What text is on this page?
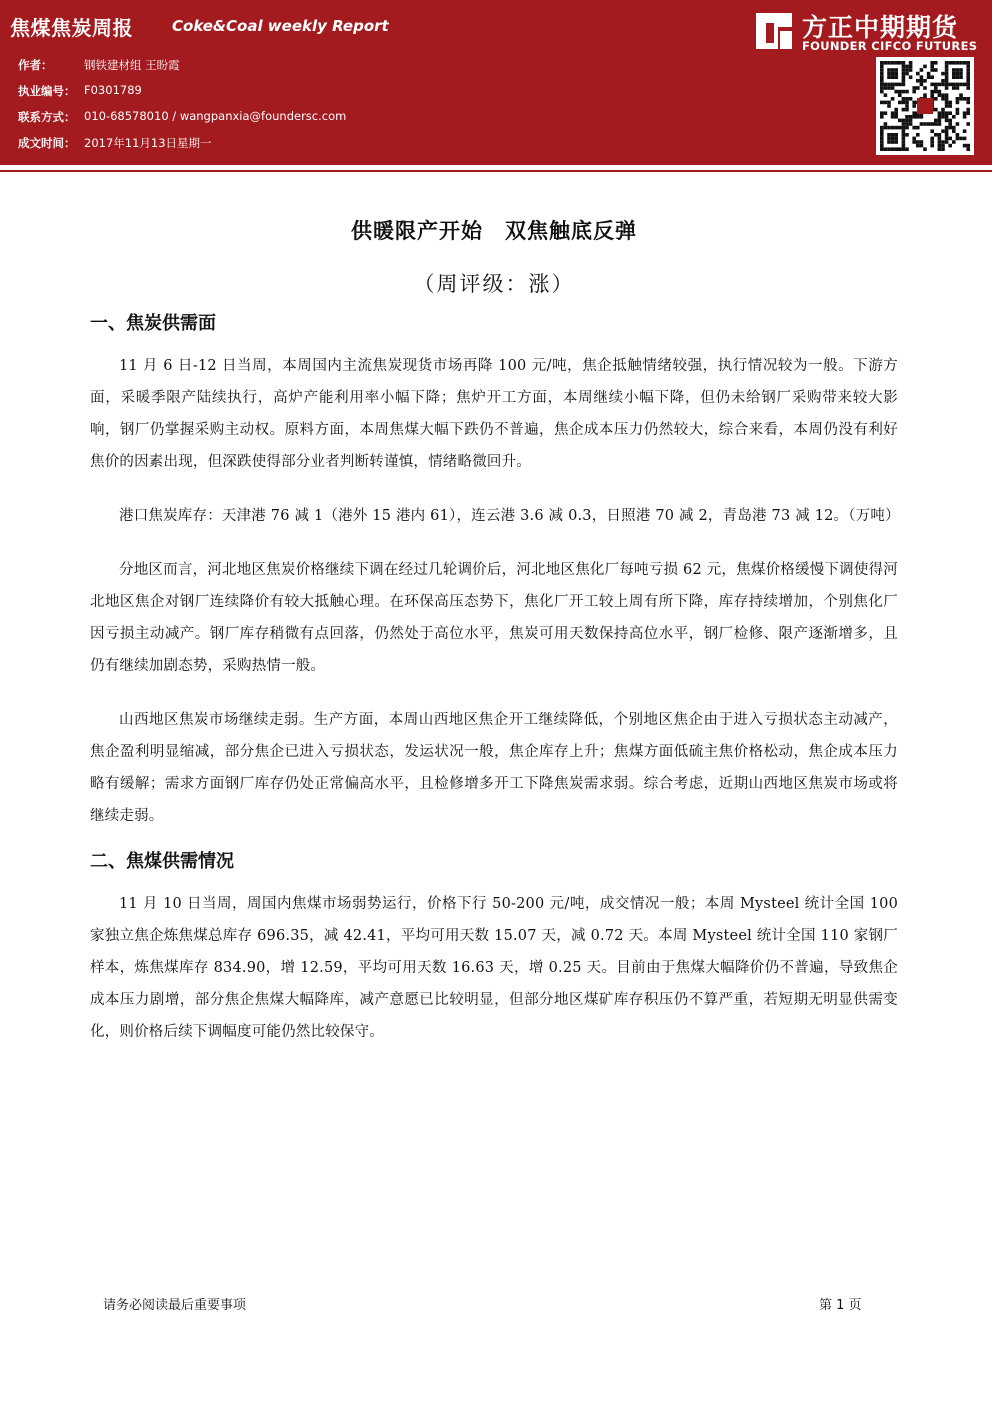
焦煤焦炭周报	Coke&Coal weekly Report
作者：	钢铁建材组 王盼霞
执业编号： F0301789
联系方式： 010-68578010 / wangpanxia@foundersc.com
成文时间： 2017年11月13日星期一
方正中期期货
FOUNDER CIFCO FUTURES
供暖限产开始　双焦触底反弹
（周评级：涨）
一、焦炭供需面

11 月 6 日-12 日当周，本周国内主流焦炭现货市场再降 100 元/吨，焦企抵触情绪较强，执行情况较为一般。下游方面，采暖季限产陆续执行，高炉产能利用率小幅下降；焦炉开工方面，本周继续小幅下降，但仍未给钢厂采购带来较大影响，钢厂仍掌握采购主动权。原料方面，本周焦煤大幅下跌仍不普遍，焦企成本压力仍然较大，综合来看，本周仍没有利好焦价的因素出现，但深跌使得部分业者判断转谨慎，情绪略微回升。

港口焦炭库存：天津港 76 减 1（港外 15 港内 61），连云港 3.6 减 0.3，日照港 70 减 2，青岛港 73 减 12。（万吨）

分地区而言，河北地区焦炭价格继续下调在经过几轮调价后，河北地区焦化厂每吨亏损 62 元，焦煤价格缓慢下调使得河北地区焦企对钢厂连续降价有较大抵触心理。在环保高压态势下，焦化厂开工较上周有所下降，库存持续增加，个别焦化厂因亏损主动减产。钢厂库存稍微有点回落，仍然处于高位水平，焦炭可用天数保持高位水平，钢厂检修、限产逐渐增多，且仍有继续加剧态势，采购热情一般。

山西地区焦炭市场继续走弱。生产方面，本周山西地区焦企开工继续降低，个别地区焦企由于进入亏损状态主动减产，焦企盈利明显缩减，部分焦企已进入亏损状态，发运状况一般，焦企库存上升；焦煤方面低硫主焦价格松动，焦企成本压力略有缓解；需求方面钢厂库存仍处正常偏高水平，且检修增多开工下降焦炭需求弱。综合考虑，近期山西地区焦炭市场或将继续走弱。

二、焦煤供需情况

11 月 10 日当周，周国内焦煤市场弱势运行，价格下行 50-200 元/吨，成交情况一般；本周 Mysteel 统计全国 100 家独立焦企炼焦煤总库存 696.35，减 42.41，平均可用天数 15.07 天，减 0.72 天。本周 Mysteel 统计全国 110 家钢厂样本，炼焦煤库存 834.90，增 12.59，平均可用天数 16.63 天，增 0.25 天。目前由于焦煤大幅降价仍不普遍，导致焦企成本压力剧增，部分焦企焦煤大幅降库，减产意愿已比较明显，但部分地区煤矿库存积压仍不算严重，若短期无明显供需变化，则价格后续下调幅度可能仍然比较保守。

请务必阅读最后重要事项	第 1 页
